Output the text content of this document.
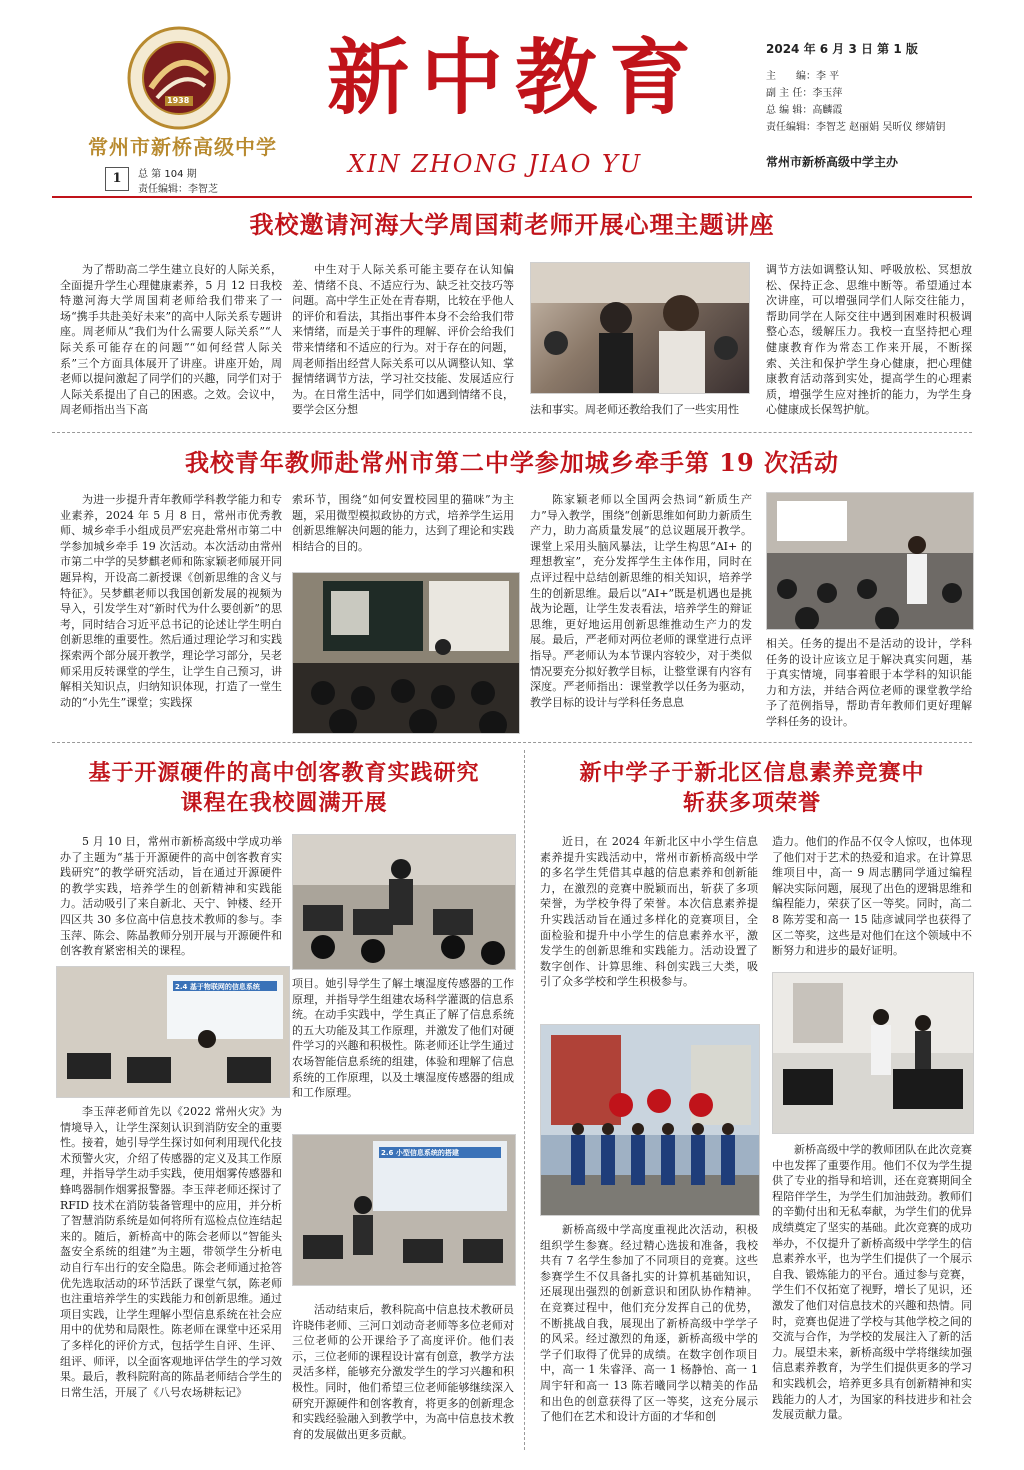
1938
常州市新桥高级中学
新中教育
XIN ZHONG JIAO YU
1	总 第 104 期
责任编辑：李智芝
2024 年 6 月 3 日 第 1 版
主　　编：李 平
副 主 任：李玉萍
总 编 辑：高麟霞
责任编辑：李智芝 赵丽娟 吴昕仪 缪婧钥
常州市新桥高级中学主办
我校邀请河海大学周国莉老师开展心理主题讲座

为了帮助高二学生建立良好的人际关系，全面提升学生心理健康素养，5 月 12 日我校特邀河海大学周国莉老师给我们带来了一场“携手共赴美好未来”的高中人际关系专题讲座。周老师从“我们为什么需要人际关系”“人际关系可能存在的问题”“如何经营人际关系”三个方面具体展开了讲座。讲座开始，周老师以提问激起了同学们的兴趣，同学们对于人际关系提出了自己的困惑。之效。会议中，周老师指出当下高

中生对于人际关系可能主要存在认知偏差、情绪不良、不适应行为、缺乏社交技巧等问题。高中学生正处在青春期，比较在乎他人的评价和看法，其指出事件本身不会给我们带来情绪，而是关于事件的理解、评价会给我们带来情绪和不适应的行为。对于存在的问题，周老师指出经营人际关系可以从调整认知、掌握情绪调节方法，学习社交技能、发展适应行为。在日常生活中，同学们如遇到情绪不良，要学会区分想	法和事实。周老师还教给我们了一些实用性

调节方法如调整认知、呼吸放松、冥想放松、保持正念、思维中断等。希望通过本次讲座，可以增强同学们人际交往能力，帮助同学在人际交往中遇到困难时积极调整心态，缓解压力。我校一直坚持把心理健康教育作为常态工作来开展，不断探索、关注和保护学生身心健康，把心理健康教育活动落到实处，提高学生的心理素质，增强学生应对挫折的能力，为学生身心健康成长保驾护航。

我校青年教师赴常州市第二中学参加城乡牵手第 19 次活动

为进一步提升青年教师学科教学能力和专业素养，2024 年 5 月 8 日，常州市优秀教师、城乡牵手小组成员严宏亮赴常州市第二中学参加城乡牵手 19 次活动。本次活动由常州市第二中学的吴梦麒老师和陈家颖老师展开同题异构，开设高二新授课《创新思维的含义与特征》。吴梦麒老师以我国创新发展的视频为导入，引发学生对“新时代为什么要创新”的思考，同时结合习近平总书记的论述让学生明白创新思维的重要性。然后通过理论学习和实践探索两个部分展开教学，理论学习部分，吴老师采用反转课堂的学生，让学生自己预习，讲解相关知识点，归纳知识体现，打造了一堂生动的“小先生”课堂；实践探

索环节，围绕“如何安置校园里的猫咪”为主题，采用微型模拟政协的方式，培养学生运用创新思维解决问题的能力，达到了理论和实践相结合的目的。

陈家颖老师以全国两会热词“新质生产力”导入教学，围绕“创新思维如何助力新质生产力，助力高质量发展”的总议题展开教学。课堂上采用头脑风暴法，让学生构思“AI+ 的理想教室”，充分发挥学生主体作用，同时在点评过程中总结创新思维的相关知识，培养学生的创新思维。最后以“AI+”既是机遇也是挑战为论题，让学生发表看法，培养学生的辩证思维，更好地运用创新思维推动生产力的发展。最后，严老师对两位老师的课堂进行点评指导。严老师认为本节课内容较少，对于类似情况要充分拟好教学目标，让整堂课有内容有深度。严老师指出：课堂教学以任务为驱动，教学目标的设计与学科任务息息

相关。任务的提出不是活动的设计，学科任务的设计应该立足于解决真实问题，基于真实情境，同事着眼于本学科的知识能力和方法，并结合两位老师的课堂教学给予了范例指导，帮助青年教师们更好理解学科任务的设计。

基于开源硬件的高中创客教育实践研究
课程在我校圆满开展

5 月 10 日，常州市新桥高级中学成功举办了主题为“基于开源硬件的高中创客教育实践研究”的教学研究活动，旨在通过开源硬件的教学实践，培养学生的创新精神和实践能力。活动吸引了来自新北、天宁、钟楼、经开四区共 30 多位高中信息技术教师的参与。李玉萍、陈会、陈晶教师分别开展与开源硬件和创客教育紧密相关的课程。

2.4 基于物联网的信息系统

李玉萍老师首先以《2022 常州火灾》为情境导入，让学生深刻认识到消防安全的重要性。接着，她引导学生探讨如何利用现代化技术预警火灾，介绍了传感器的定义及其工作原理，并指导学生动手实践，使用烟雾传感器和蜂鸣器制作烟雾报警器。李玉萍老师还探讨了 RFID 技术在消防装备管理中的应用，并分析了智慧消防系统是如何将所有巡检点位连结起来的。随后，新桥高中的陈会老师以“智能头盔安全系统的组建”为主题，带领学生分析电动自行车出行的安全隐患。陈会老师通过抢答优先选取活动的环节活跃了课堂气氛，陈老师也注重培养学生的实践能力和创新思维。通过项目实践，让学生理解小型信息系统在社会应用中的优势和局限性。陈老师在课堂中还采用了多样化的评价方式，包括学生自评、生评、组评、师评，以全面客观地评估学生的学习效果。最后，教科院附高的陈晶老师结合学生的日常生活，开展了《八号农场耕耘记》

项目。她引导学生了解土壤湿度传感器的工作原理，并指导学生组建农场科学灌溉的信息系统。在动手实践中，学生真正了解了信息系统的五大功能及其工作原理，并激发了他们对硬件学习的兴趣和积极性。陈老师还让学生通过农场智能信息系统的组建，体验和理解了信息系统的工作原理，以及土壤湿度传感器的组成和工作原理。

2.6 小型信息系统的搭建

活动结束后，教科院高中信息技术教研员许晓伟老师、三河口刘动奇老师等多位老师对三位老师的公开课给予了高度评价。他们表示，三位老师的课程设计富有创意，教学方法灵活多样，能够充分激发学生的学习兴趣和积极性。同时，他们希望三位老师能够继续深入研究开源硬件和创客教育，将更多的创新理念和实践经验融入到教学中，为高中信息技术教育的发展做出更多贡献。

新中学子于新北区信息素养竞赛中
斩获多项荣誉

近日，在 2024 年新北区中小学生信息素养提升实践活动中，常州市新桥高级中学的多名学生凭借其卓越的信息素养和创新能力，在激烈的竞赛中脱颖而出，斩获了多项荣誉，为学校争得了荣誉。本次信息素养提升实践活动旨在通过多样化的竞赛项目，全面检验和提升中小学生的信息素养水平，激发学生的创新思维和实践能力。活动设置了数字创作、计算思维、科创实践三大类，吸引了众多学校和学生积极参与。

新桥高级中学高度重视此次活动，积极组织学生参赛。经过精心选拔和准备，我校共有 7 名学生参加了不同项目的竞赛。这些参赛学生不仅具备扎实的计算机基础知识，还展现出强烈的创新意识和团队协作精神。在竞赛过程中，他们充分发挥自己的优势，不断挑战自我，展现出了新桥高级中学学子的风采。经过激烈的角逐，新桥高级中学的学子们取得了优异的成绩。在数字创作项目中，高一 1 朱睿泽、高一 1 杨静怡、高一 1 周宇轩和高一 13 陈若曦同学以精美的作品和出色的创意获得了区一等奖，这充分展示了他们在艺术和设计方面的才华和创

造力。他们的作品不仅令人惊叹，也体现了他们对于艺术的热爱和追求。在计算思维项目中，高一 9 周志鹏同学通过编程解决实际问题，展现了出色的逻辑思维和编程能力，荣获了区一等奖。同时，高二 8 陈芳雯和高一 15 陆彦诚同学也获得了区二等奖，这些是对他们在这个领域中不断努力和进步的最好证明。

新桥高级中学的教师团队在此次竞赛中也发挥了重要作用。他们不仅为学生提供了专业的指导和培训，还在竞赛期间全程陪伴学生，为学生们加油鼓劲。教师们的辛勤付出和无私奉献，为学生们的优异成绩奠定了坚实的基础。此次竞赛的成功举办，不仅提升了新桥高级中学学生的信息素养水平，也为学生们提供了一个展示自我、锻炼能力的平台。通过参与竞赛，学生们不仅拓宽了视野，增长了见识，还激发了他们对信息技术的兴趣和热情。同时，竞赛也促进了学校与其他学校之间的交流与合作，为学校的发展注入了新的活力。展望未来，新桥高级中学将继续加强信息素养教育，为学生们提供更多的学习和实践机会，培养更多具有创新精神和实践能力的人才，为国家的科技进步和社会发展贡献力量。
